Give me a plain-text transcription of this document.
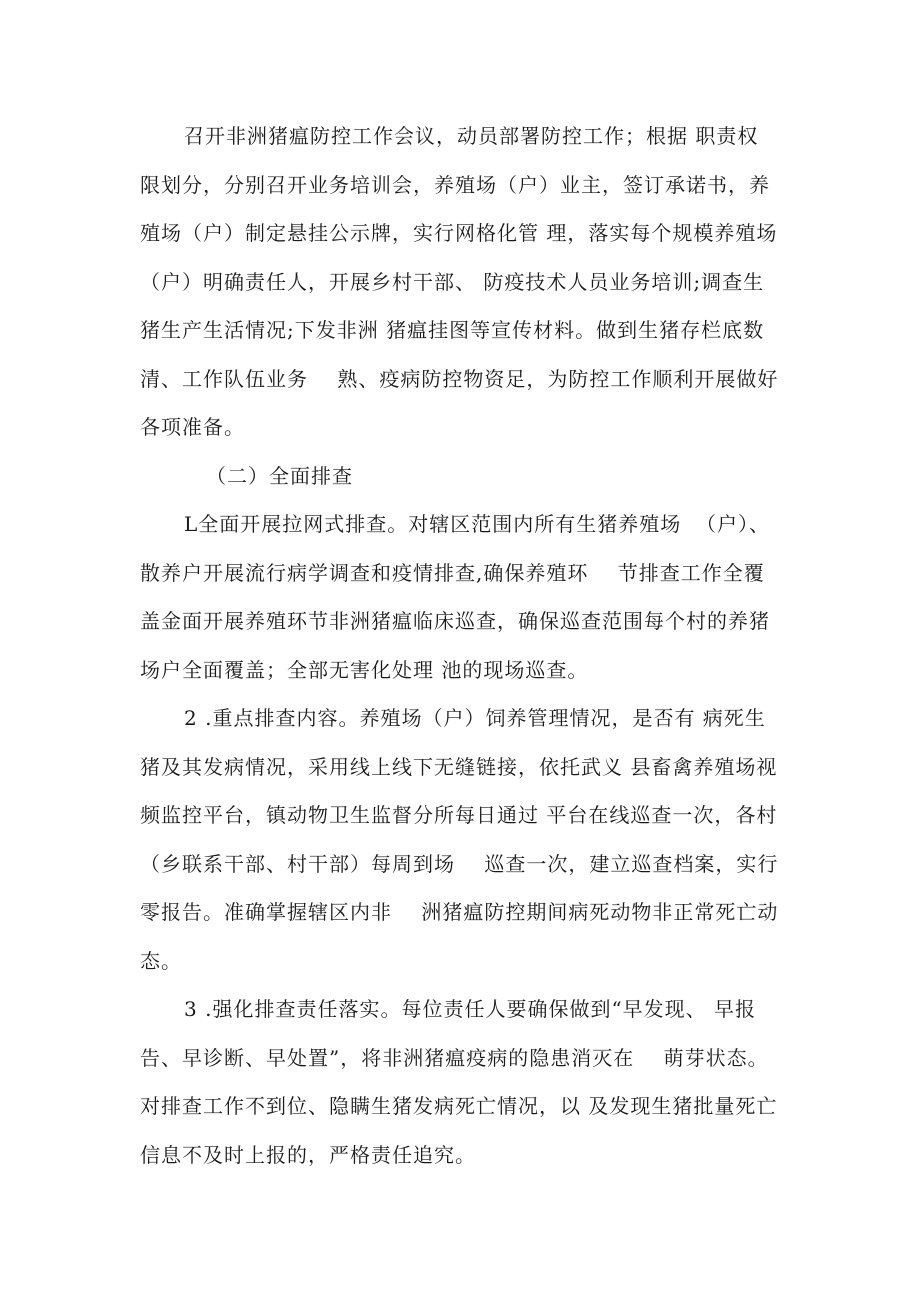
召开非洲猪瘟防控工作会议，动员部署防控工作；根据 职责权
限划分，分别召开业务培训会，养殖场（户）业主，签订承诺书，养
殖场（户）制定悬挂公示牌，实行网格化管 理，落实每个规模养殖场
（户）明确责任人，开展乡村干部、 防疫技术人员业务培训;调查生
猪生产生活情况;下发非洲 猪瘟挂图等宣传材料。做到生猪存栏底数
清、工作队伍业务    熟、疫病防控物资足，为防控工作顺利开展做好
各项准备。
（二）全面排查
L全面开展拉网式排查。对辖区范围内所有生猪养殖场  （户）、
散养户开展流行病学调查和疫情排查,确保养殖环    节排查工作全覆
盖金面开展养殖环节非洲猪瘟临床巡查，确保巡查范围每个村的养猪
场户全面覆盖；全部无害化处理 池的现场巡查。
2 .重点排查内容。养殖场（户）饲养管理情况，是否有 病死生
猪及其发病情况，采用线上线下无缝链接，依托武义 县畜禽养殖场视
频监控平台，镇动物卫生监督分所每日通过 平台在线巡查一次，各村
（乡联系干部、村干部）每周到场    巡查一次，建立巡查档案，实行
零报告。准确掌握辖区内非    洲猪瘟防控期间病死动物非正常死亡动
态。
3 .强化排查责任落实。每位责任人要确保做到“早发现、 早报
告、早诊断、早处置”，将非洲猪瘟疫病的隐患消灭在    萌芽状态。
对排查工作不到位、隐瞒生猪发病死亡情况，以 及发现生猪批量死亡
信息不及时上报的，严格责任追究。
